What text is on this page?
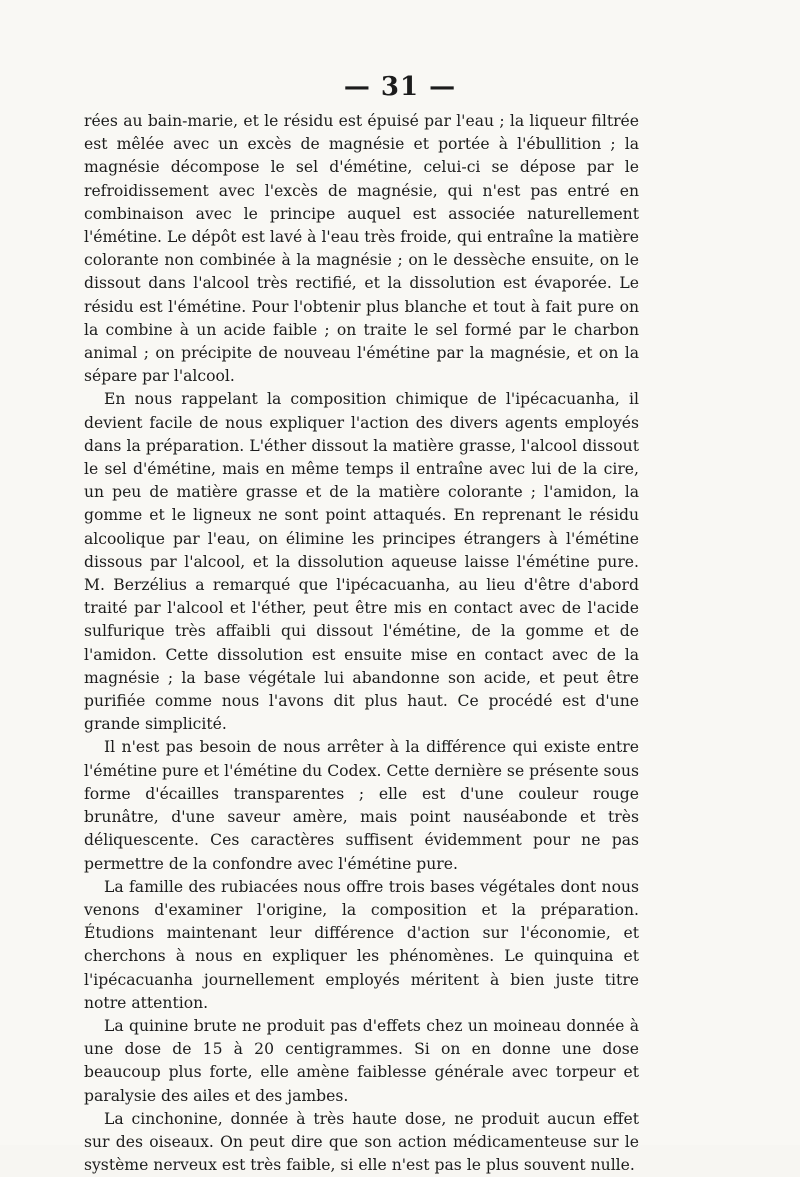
— 31 —

rées au bain-marie, et le résidu est épuisé par l'eau ; la liqueur filtrée est mêlée avec un excès de magnésie et portée à l'ébullition ; la magnésie décompose le sel d'émétine, celui-ci se dépose par le refroidissement avec l'excès de magnésie, qui n'est pas entré en combinaison avec le principe auquel est associée naturellement l'émétine. Le dépôt est lavé à l'eau très froide, qui entraîne la matière colorante non combinée à la magnésie ; on le dessèche ensuite, on le dissout dans l'alcool très rectifié, et la dissolution est évaporée. Le résidu est l'émétine. Pour l'obtenir plus blanche et tout à fait pure on la combine à un acide faible ; on traite le sel formé par le charbon animal ; on précipite de nouveau l'émétine par la magnésie, et on la sépare par l'alcool.

En nous rappelant la composition chimique de l'ipécacuanha, il devient facile de nous expliquer l'action des divers agents employés dans la préparation. L'éther dissout la matière grasse, l'alcool dissout le sel d'émétine, mais en même temps il entraîne avec lui de la cire, un peu de matière grasse et de la matière colorante ; l'amidon, la gomme et le ligneux ne sont point attaqués. En reprenant le résidu alcoolique par l'eau, on élimine les principes étrangers à l'émétine dissous par l'alcool, et la dissolution aqueuse laisse l'émétine pure. M. Berzélius a remarqué que l'ipécacuanha, au lieu d'être d'abord traité par l'alcool et l'éther, peut être mis en contact avec de l'acide sulfurique très affaibli qui dissout l'émétine, de la gomme et de l'amidon. Cette dissolution est ensuite mise en contact avec de la magnésie ; la base végétale lui abandonne son acide, et peut être purifiée comme nous l'avons dit plus haut. Ce procédé est d'une grande simplicité.

Il n'est pas besoin de nous arrêter à la différence qui existe entre l'émétine pure et l'émétine du Codex. Cette dernière se présente sous forme d'écailles transparentes ; elle est d'une couleur rouge brunâtre, d'une saveur amère, mais point nauséabonde et très déliquescente. Ces caractères suffisent évidemment pour ne pas permettre de la confondre avec l'émétine pure.

La famille des rubiacées nous offre trois bases végétales dont nous venons d'examiner l'origine, la composition et la préparation. Étudions maintenant leur différence d'action sur l'économie, et cherchons à nous en expliquer les phénomènes. Le quinquina et l'ipécacuanha journellement employés méritent à bien juste titre notre attention.

La quinine brute ne produit pas d'effets chez un moineau donnée à une dose de 15 à 20 centigrammes. Si on en donne une dose beaucoup plus forte, elle amène faiblesse générale avec torpeur et paralysie des ailes et des jambes.

La cinchonine, donnée à très haute dose, ne produit aucun effet sur des oiseaux. On peut dire que son action médicamenteuse sur le système nerveux est très faible, si elle n'est pas le plus souvent nulle.
